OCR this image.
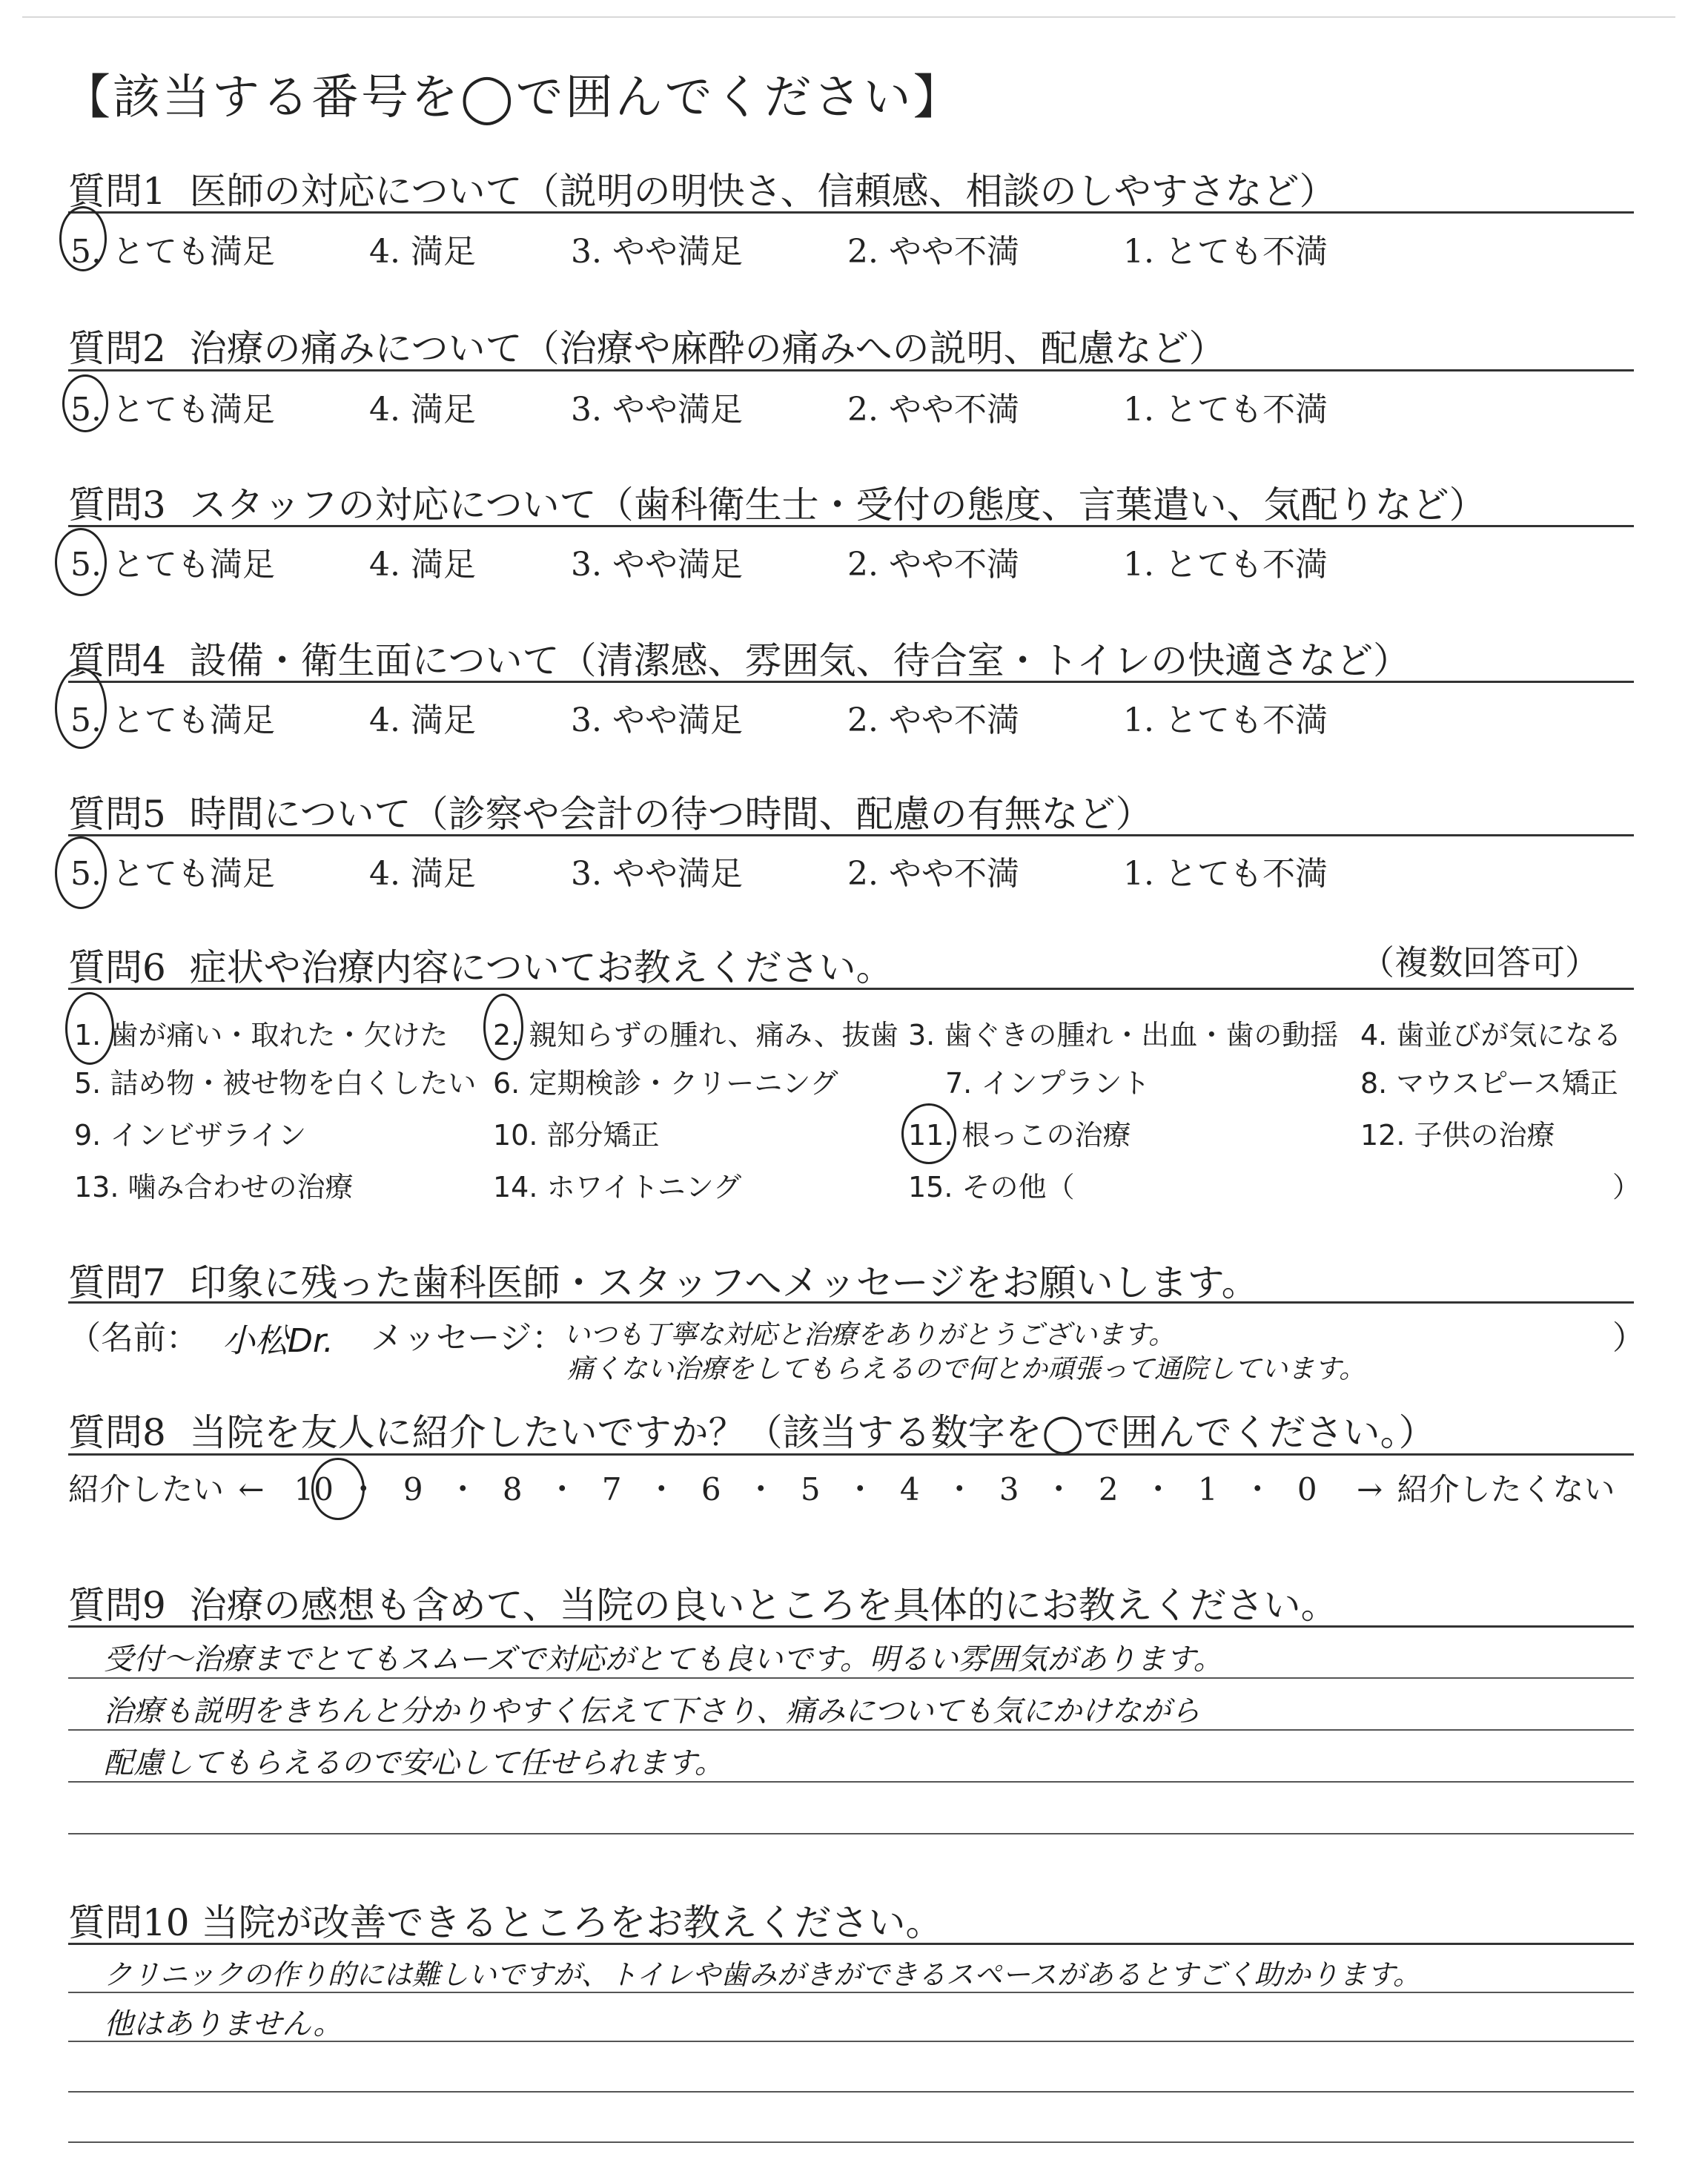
【該当する番号を◯で囲んでください】
質問1 医師の対応について（説明の明快さ、信頼感、相談のしやすさなど）
5. とても満足	4. 満足	3. やや満足	2. やや不満	1. とても不満
質問2 治療の痛みについて（治療や麻酔の痛みへの説明、配慮など）
5. とても満足	4. 満足	3. やや満足	2. やや不満	1. とても不満
質問3 スタッフの対応について（歯科衛生士・受付の態度、言葉遣い、気配りなど）
5. とても満足	4. 満足	3. やや満足	2. やや不満	1. とても不満
質問4 設備・衛生面について（清潔感、雰囲気、待合室・トイレの快適さなど）
5. とても満足	4. 満足	3. やや満足	2. やや不満	1. とても不満
質問5 時間について（診察や会計の待つ時間、配慮の有無など）
5. とても満足	4. 満足	3. やや満足	2. やや不満	1. とても不満
質問6 症状や治療内容についてお教えください。	（複数回答可）
1. 歯が痛い・取れた・欠けた 2. 親知らずの腫れ、痛み、抜歯 3. 歯ぐきの腫れ・出血・歯の動揺 4. 歯並びが気になる
5. 詰め物・被せ物を白くしたい 6. 定期検診・クリーニング	7. インプラント	8. マウスピース矯正
9. インビザライン	10. 部分矯正	11. 根っこの治療	12. 子供の治療
13. 噛み合わせの治療	14. ホワイトニング	15. その他（	）
質問7 印象に残った歯科医師・スタッフへメッセージをお願いします。
（名前： 小松Dr. メッセージ：
いつも丁寧な対応と治療をありがとうございます。
痛くない治療をしてもらえるので何とか頑張って通院しています。
）
質問8 当院を友人に紹介したいですか？（該当する数字を◯で囲んでください。）
紹介したい ← 10 ・ 9 ・ 8 ・ 7 ・ 6 ・ 5 ・ 4 ・ 3 ・ 2 ・ 1 ・ 0 → 紹介したくない
質問9 治療の感想も含めて、当院の良いところを具体的にお教えください。
受付〜治療までとてもスムーズで対応がとても良いです。明るい雰囲気があります。
治療も説明をきちんと分かりやすく伝えて下さり、痛みについても気にかけながら
配慮してもらえるので安心して任せられます。
質問10 当院が改善できるところをお教えください。
クリニックの作り的には難しいですが、トイレや歯みがきができるスペースがあるとすごく助かります。
他はありません。
